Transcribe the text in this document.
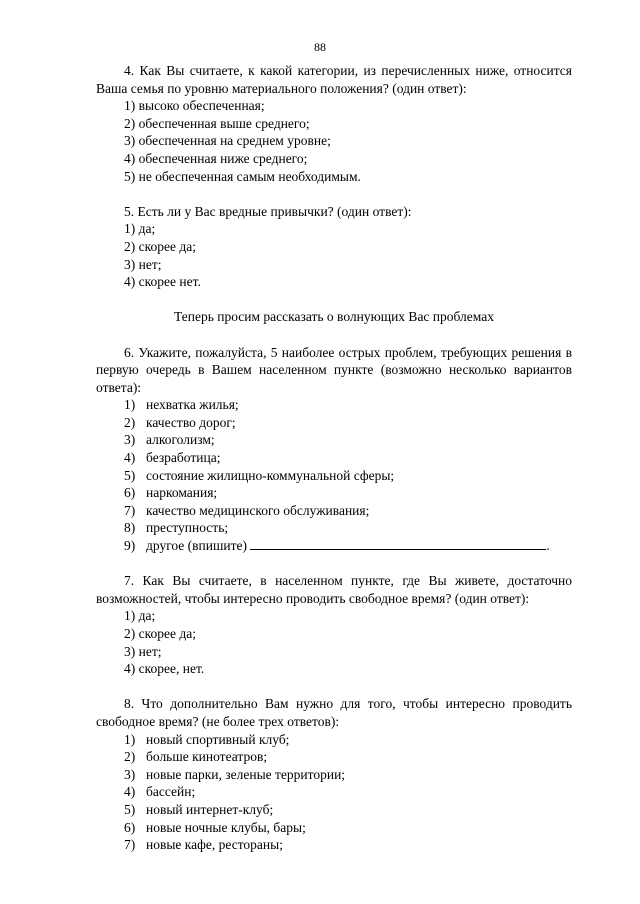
88

4. Как Вы считаете, к какой категории, из перечисленных ниже, относится Ваша семья по уровню материального положения? (один ответ):

1) высоко обеспеченная;
2) обеспеченная выше среднего;
3) обеспеченная на среднем уровне;
4) обеспеченная ниже среднего;
5) не обеспеченная самым необходимым.

5. Есть ли у Вас вредные привычки? (один ответ):

1) да;
2) скорее да;
3) нет;
4) скорее нет.

Теперь просим рассказать о волнующих Вас проблемах

6. Укажите, пожалуйста, 5 наиболее острых проблем, требующих решения в первую очередь в Вашем населенном пункте (возможно несколько вариантов ответа):

1) нехватка жилья;
2) качество дорог;
3) алкоголизм;
4) безработица;
5) состояние жилищно-коммунальной сферы;
6) наркомания;
7) качество медицинского обслуживания;
8) преступность;
9) другое (впишите)	.

7. Как Вы считаете, в населенном пункте, где Вы живете, достаточно возможностей, чтобы интересно проводить свободное время? (один ответ):

1) да;
2) скорее да;
3) нет;
4) скорее, нет.

8. Что дополнительно Вам нужно для того, чтобы интересно проводить свободное время? (не более трех ответов):

1) новый спортивный клуб;
2) больше кинотеатров;
3) новые парки, зеленые территории;
4) бассейн;
5) новый интернет-клуб;
6) новые ночные клубы, бары;
7) новые кафе, рестораны;
